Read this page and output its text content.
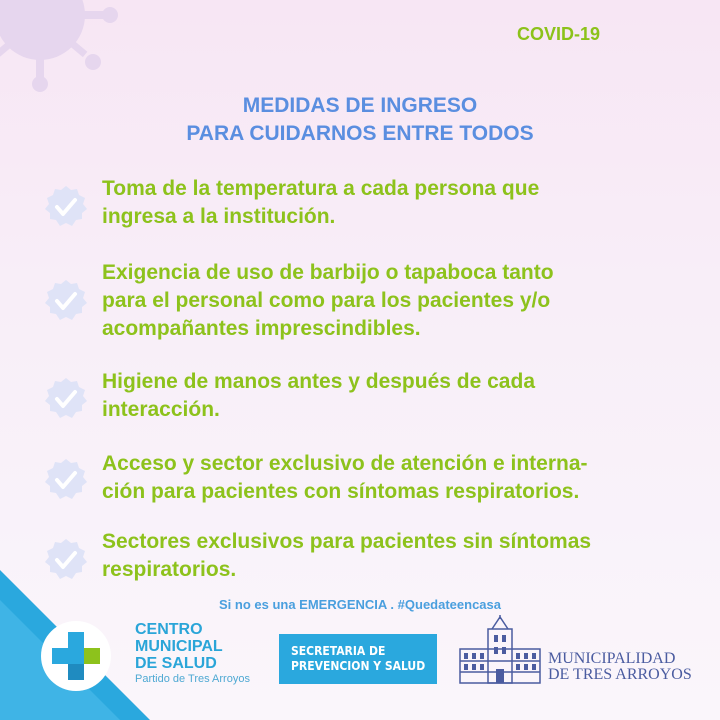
COVID-19
MEDIDAS DE INGRESO
PARA CUIDARNOS ENTRE TODOS
Toma de la temperatura a cada persona que
ingresa a la institución.
Exigencia de uso de barbijo o tapaboca tanto
para el personal como para los pacientes y/o
acompañantes imprescindibles.
Higiene de manos antes y después de cada
interacción.
Acceso y sector exclusivo de atención e interna-
ción para pacientes con síntomas respiratorios.
Sectores exclusivos para pacientes sin síntomas
respiratorios.
Si no es una EMERGENCIA . #Quedateencasa
CENTRO
MUNICIPAL
DE SALUD
Partido de Tres Arroyos
SECRETARIA DE
PREVENCION Y SALUD	MUNICIPALIDAD
DE TRES ARROYOS
